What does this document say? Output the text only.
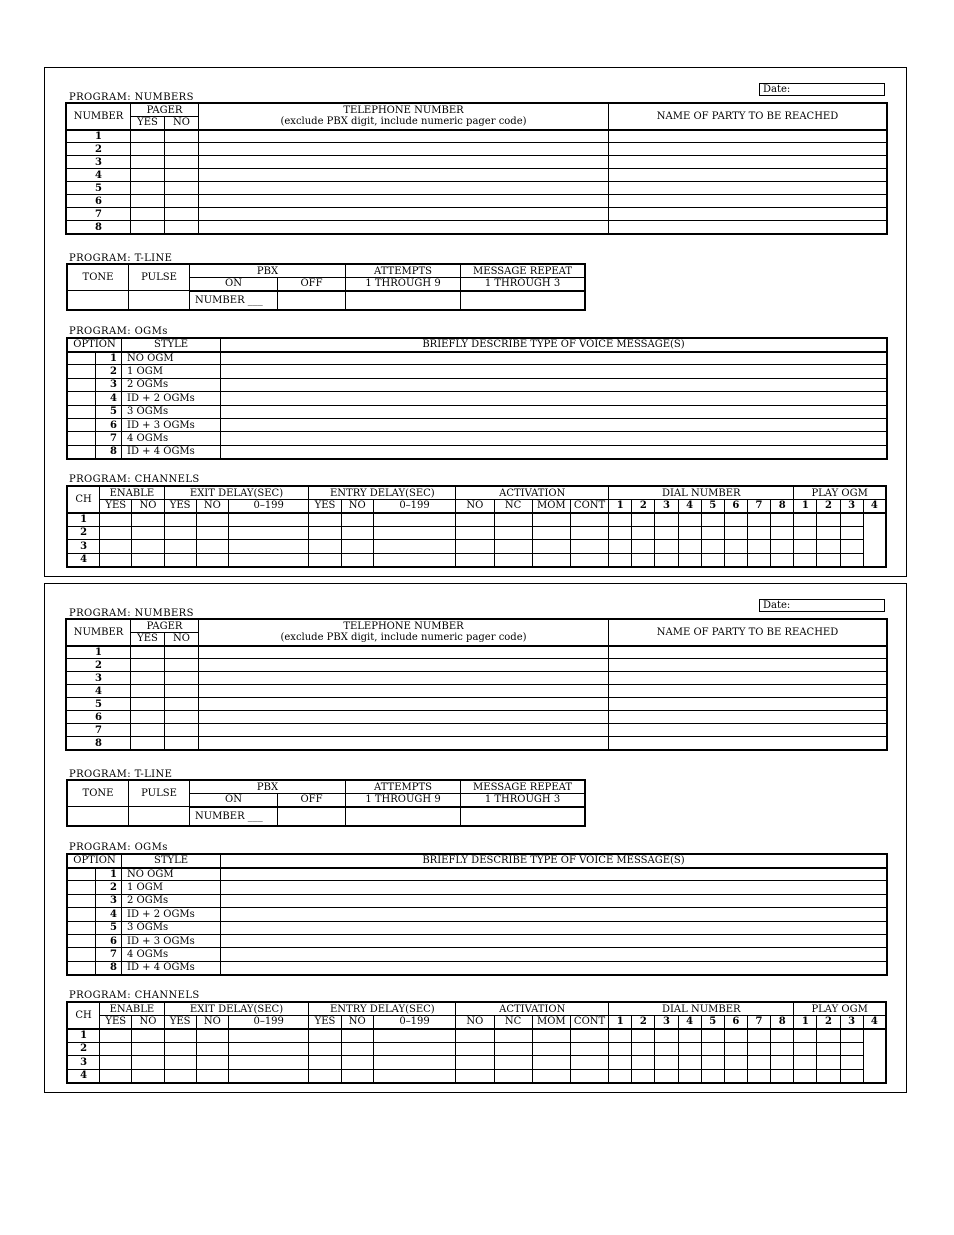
PROGRAM: NUMBERS
Date:
NUMBER	PAGER		TELEPHONE NUMBER
(exclude PBX digit, include numeric pager code)	NAME OF PARTY TO BE REACHED
	YES	NO		
1				
2				
3				
4				
5				
6				
7				
8				
PROGRAM: T-LINE
TONE	PULSE	PBX		ATTEMPTS	MESSAGE REPEAT
		ON	OFF	1 THROUGH 9	1 THROUGH 3
		NUMBER ___			
PROGRAM: OGMs
OPTION		STYLE	BRIEFLY DESCRIBE TYPE OF VOICE MESSAGE(S)
	1	NO OGM	
	2	1 OGM	
	3	2 OGMs	
	4	ID + 2 OGMs	
	5	3 OGMs	
	6	ID + 3 OGMs	
	7	4 OGMs	
	8	ID + 4 OGMs	
PROGRAM: CHANNELS
CH	ENABLE		EXIT DELAY(SEC)			ENTRY DELAY(SEC)			ACTIVATION				DIAL NUMBER								PLAY OGM			
	YES	NO	YES	NO	0–199	YES	NO	0–199	NO	NC	MOM	CONT	1	2	3	4	5	6	7	8	1	2	3	4
1																								
2																								
3																								
4																								
PROGRAM: NUMBERS
Date:
NUMBER	PAGER		TELEPHONE NUMBER
(exclude PBX digit, include numeric pager code)	NAME OF PARTY TO BE REACHED
	YES	NO		
1				
2				
3				
4				
5				
6				
7				
8				
PROGRAM: T-LINE
TONE	PULSE	PBX		ATTEMPTS	MESSAGE REPEAT
		ON	OFF	1 THROUGH 9	1 THROUGH 3
		NUMBER ___			
PROGRAM: OGMs
OPTION		STYLE	BRIEFLY DESCRIBE TYPE OF VOICE MESSAGE(S)
	1	NO OGM	
	2	1 OGM	
	3	2 OGMs	
	4	ID + 2 OGMs	
	5	3 OGMs	
	6	ID + 3 OGMs	
	7	4 OGMs	
	8	ID + 4 OGMs	
PROGRAM: CHANNELS
CH	ENABLE		EXIT DELAY(SEC)			ENTRY DELAY(SEC)			ACTIVATION				DIAL NUMBER								PLAY OGM			
	YES	NO	YES	NO	0–199	YES	NO	0–199	NO	NC	MOM	CONT	1	2	3	4	5	6	7	8	1	2	3	4
1																								
2																								
3																								
4																								
